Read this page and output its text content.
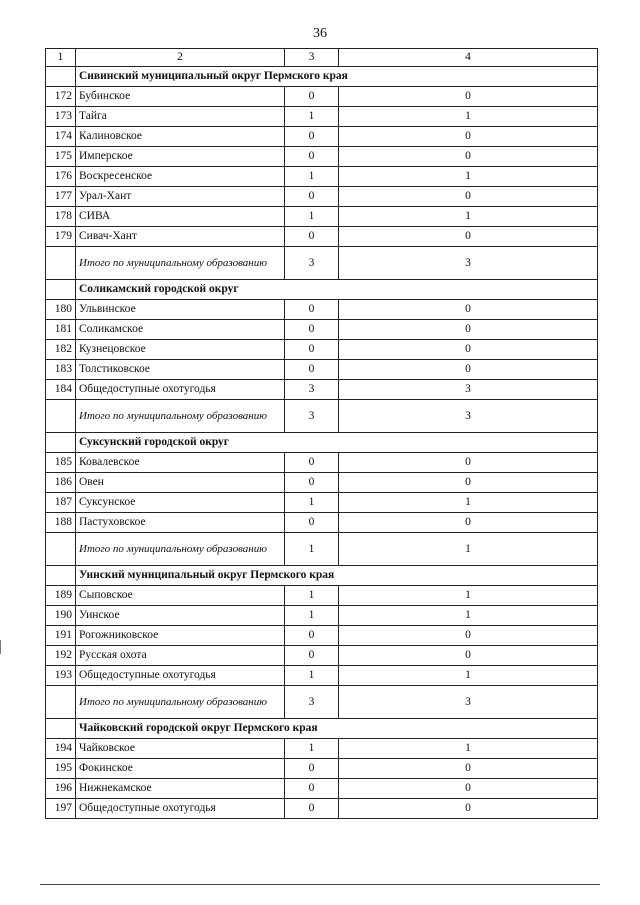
36
1	2	3	4
	Сивинский муниципальный округ Пермского края		
172	Бубинское	0	0
173	Тайга	1	1
174	Калиновское	0	0
175	Имперское	0	0
176	Воскресенское	1	1
177	Урал-Хант	0	0
178	СИВА	1	1
179	Сивач-Хант	0	0
	Итого по муниципальному образованию	3	3
	Соликамский городской округ		
180	Ульвинское	0	0
181	Соликамское	0	0
182	Кузнецовское	0	0
183	Толстиковское	0	0
184	Общедоступные охотугодья	3	3
	Итого по муниципальному образованию	3	3
	Суксунский городской округ		
185	Ковалевское	0	0
186	Овен	0	0
187	Суксунское	1	1
188	Пастуховское	0	0
	Итого по муниципальному образованию	1	1
	Уинский муниципальный округ Пермского края		
189	Сыповское	1	1
190	Уинское	1	1
191	Рогожниковское	0	0
192	Русская охота	0	0
193	Общедоступные охотугодья	1	1
	Итого по муниципальному образованию	3	3
	Чайковский городской округ Пермского края		
194	Чайковское	1	1
195	Фокинское	0	0
196	Нижнекамское	0	0
197	Общедоступные охотугодья	0	0
